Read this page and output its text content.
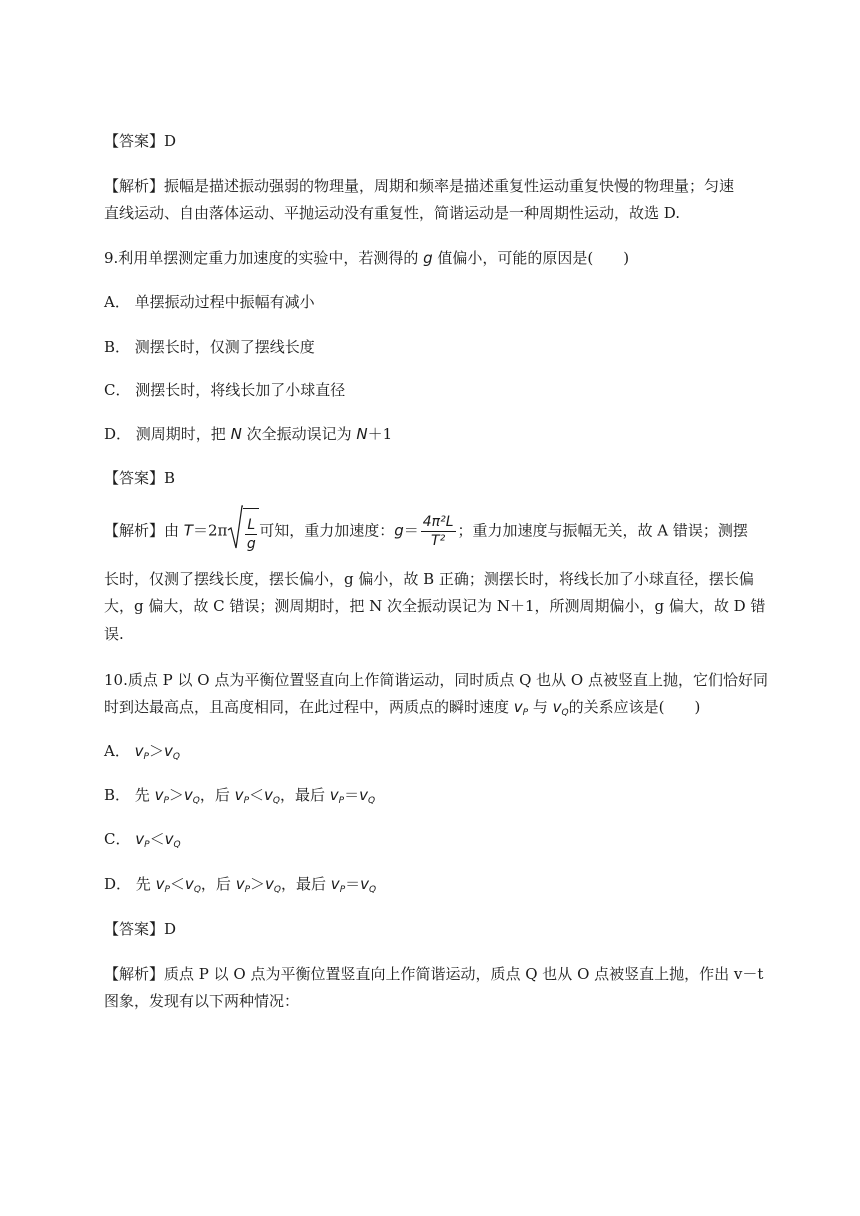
【答案】D
【解析】振幅是描述振动强弱的物理量，周期和频率是描述重复性运动重复快慢的物理量；匀速
直线运动、自由落体运动、平抛运动没有重复性，简谐运动是一种周期性运动，故选 D.
9.利用单摆测定重力加速度的实验中，若测得的 g 值偏小，可能的原因是(　　)
A． 单摆振动过程中振幅有减小
B． 测摆长时，仅测了摆线长度
C． 测摆长时，将线长加了小球直径
D． 测周期时，把 N 次全振动误记为 N＋1
【答案】B
【解析】由 $T=2\pi \frac{L}{g}$ 可知，重力加速度：$g= \frac{\text{4π²L}}{\text{T²}}$ ；重力加速度与振幅无关，故 A 错误；测摆
长时，仅测了摆线长度，摆长偏小，g 偏小，故 B 正确；测摆长时，将线长加了小球直径，摆长偏
大，g 偏大，故 C 错误；测周期时，把 N 次全振动误记为 N＋1，所测周期偏小，g 偏大，故 D 错
误.
10.质点 P 以 O 点为平衡位置竖直向上作简谐运动，同时质点 Q 也从 O 点被竖直上抛，它们恰好同
时到达最高点，且高度相同，在此过程中，两质点的瞬时速度 $v_P$ 与 $v_Q$的关系应该是(　　)
A． $v_P>v_Q$
B． 先 $v_P>v_Q$，后 $v_P<v_Q$，最后 $v_P=v_Q$
C． $v_P<v_Q$
D． 先 $v_P<v_Q$，后 $v_P>v_Q$，最后 $v_P=v_Q$
【答案】D
【解析】质点 P 以 O 点为平衡位置竖直向上作简谐运动，质点 Q 也从 O 点被竖直上抛，作出 v－t
图象，发现有以下两种情况：
